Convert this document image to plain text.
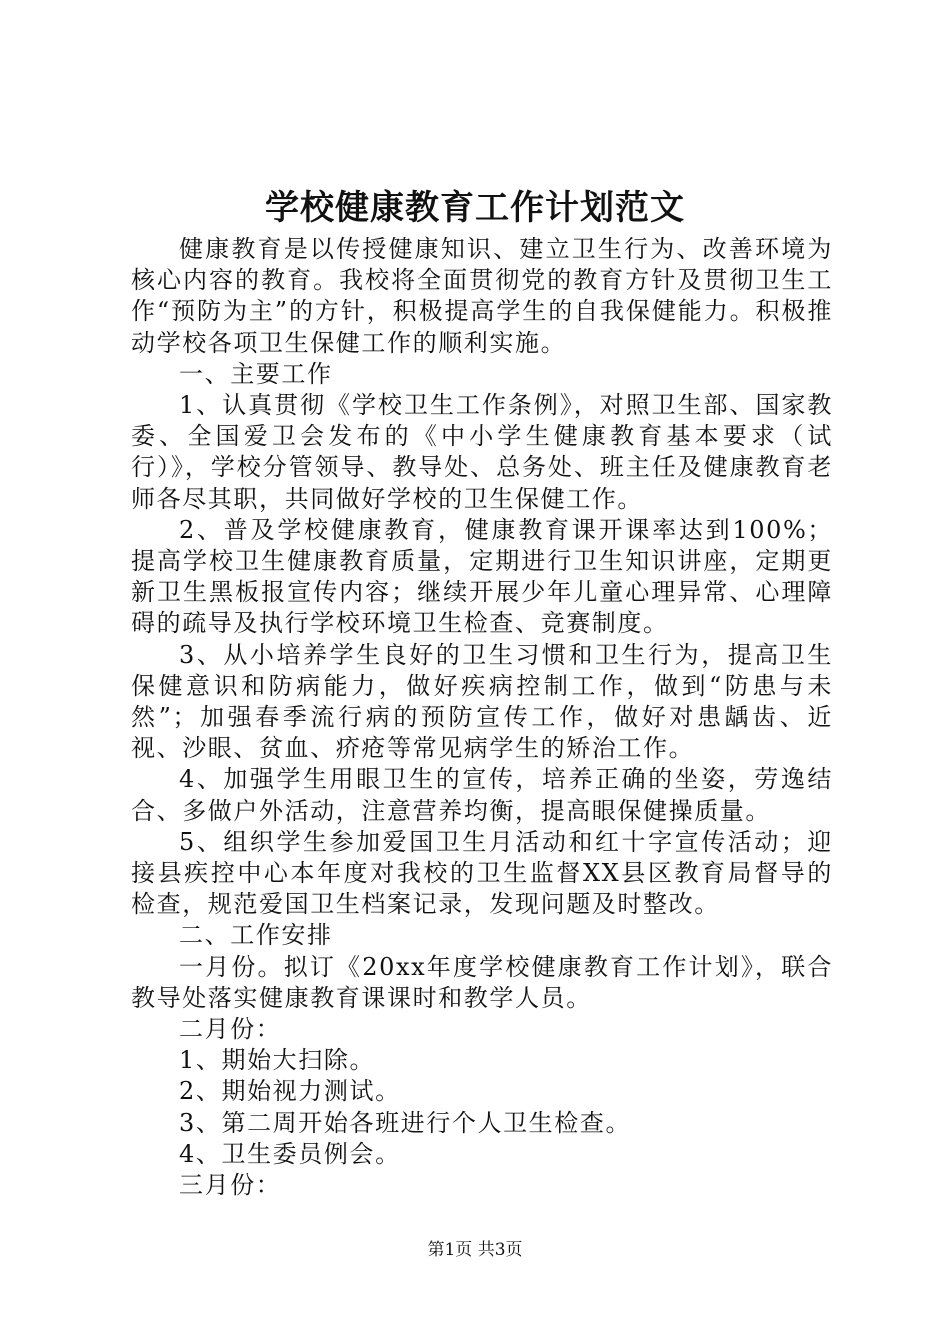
学校健康教育工作计划范文

健康教育是以传授健康知识、建立卫生行为、改善环境为核心内容的教育。我校将全面贯彻党的教育方针及贯彻卫生工作“预防为主”的方针，积极提高学生的自我保健能力。积极推动学校各项卫生保健工作的顺利实施。

一、主要工作

1、认真贯彻《学校卫生工作条例》，对照卫生部、国家教委、全国爱卫会发布的《中小学生健康教育基本要求（试行）》，学校分管领导、教导处、总务处、班主任及健康教育老师各尽其职，共同做好学校的卫生保健工作。

2、普及学校健康教育，健康教育课开课率达到100%；提高学校卫生健康教育质量，定期进行卫生知识讲座，定期更新卫生黑板报宣传内容；继续开展少年儿童心理异常、心理障碍的疏导及执行学校环境卫生检查、竞赛制度。

3、从小培养学生良好的卫生习惯和卫生行为，提高卫生保健意识和防病能力，做好疾病控制工作，做到“防患与未然”；加强春季流行病的预防宣传工作，做好对患龋齿、近视、沙眼、贫血、疥疮等常见病学生的矫治工作。

4、加强学生用眼卫生的宣传，培养正确的坐姿，劳逸结合、多做户外活动，注意营养均衡，提高眼保健操质量。

5、组织学生参加爱国卫生月活动和红十字宣传活动；迎接县疾控中心本年度对我校的卫生监督XX县区教育局督导的检查，规范爱国卫生档案记录，发现问题及时整改。

二、工作安排

一月份。拟订《20xx年度学校健康教育工作计划》，联合教导处落实健康教育课课时和教学人员。

二月份：

1、期始大扫除。

2、期始视力测试。

3、第二周开始各班进行个人卫生检查。

4、卫生委员例会。

三月份：

第1页 共3页
